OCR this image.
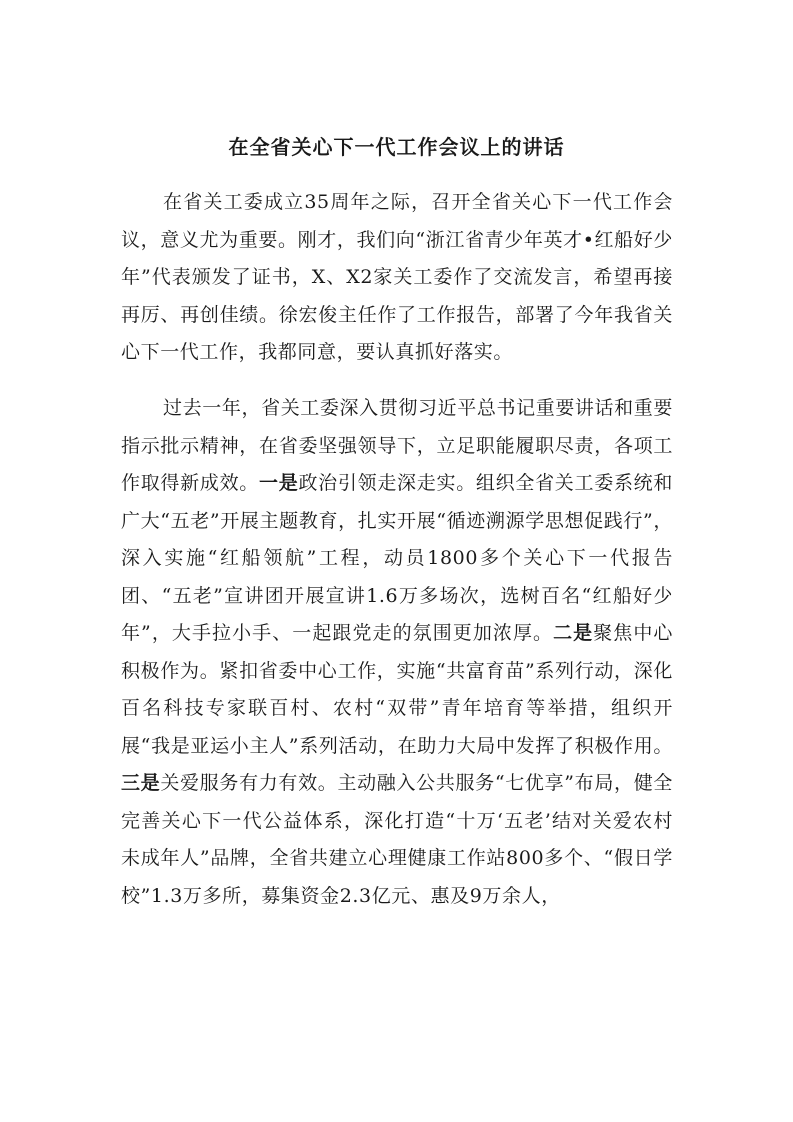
在全省关心下一代工作会议上的讲话
在省关工委成立35周年之际，召开全省关心下一代工作会议，意义尤为重要。刚才，我们向“浙江省青少年英才•红船好少年”代表颁发了证书，X、X2家关工委作了交流发言，希望再接再厉、再创佳绩。徐宏俊主任作了工作报告，部署了今年我省关心下一代工作，我都同意，要认真抓好落实。
过去一年，省关工委深入贯彻习近平总书记重要讲话和重要指示批示精神，在省委坚强领导下，立足职能履职尽责，各项工作取得新成效。一是政治引领走深走实。组织全省关工委系统和广大“五老”开展主题教育，扎实开展“循迹溯源学思想促践行”，深入实施“红船领航”工程，动员1800多个关心下一代报告团、“五老”宣讲团开展宣讲1.6万多场次，选树百名“红船好少年”，大手拉小手、一起跟党走的氛围更加浓厚。二是聚焦中心积极作为。紧扣省委中心工作，实施“共富育苗”系列行动，深化百名科技专家联百村、农村“双带”青年培育等举措，组织开展“我是亚运小主人”系列活动，在助力大局中发挥了积极作用。三是关爱服务有力有效。主动融入公共服务“七优享”布局，健全完善关心下一代公益体系，深化打造“十万‘五老’结对关爱农村未成年人”品牌，全省共建立心理健康工作站800多个、“假日学校”1.3万多所，募集资金2.3亿元、惠及9万余人，
